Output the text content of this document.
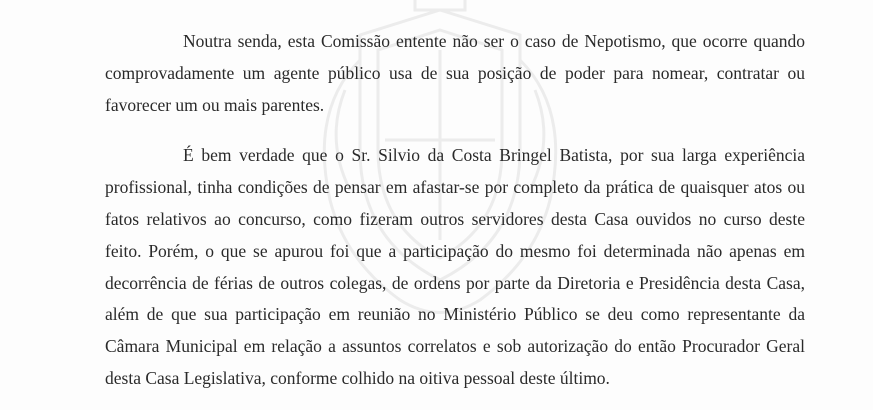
Noutra senda, esta Comissão entente não ser o caso de Nepotismo, que ocorre quando comprovadamente um agente público usa de sua posição de poder para nomear, contratar ou favorecer um ou mais parentes.

É bem verdade que o Sr. Silvio da Costa Bringel Batista, por sua larga experiência profissional, tinha condições de pensar em afastar-se por completo da prática de quaisquer atos ou fatos relativos ao concurso, como fizeram outros servidores desta Casa ouvidos no curso deste feito. Porém, o que se apurou foi que a participação do mesmo foi determinada não apenas em decorrência de férias de outros colegas, de ordens por parte da Diretoria e Presidência desta Casa, além de que sua participação em reunião no Ministério Público se deu como representante da Câmara Municipal em relação a assuntos correlatos e sob autorização do então Procurador Geral desta Casa Legislativa, conforme colhido na oitiva pessoal deste último.
